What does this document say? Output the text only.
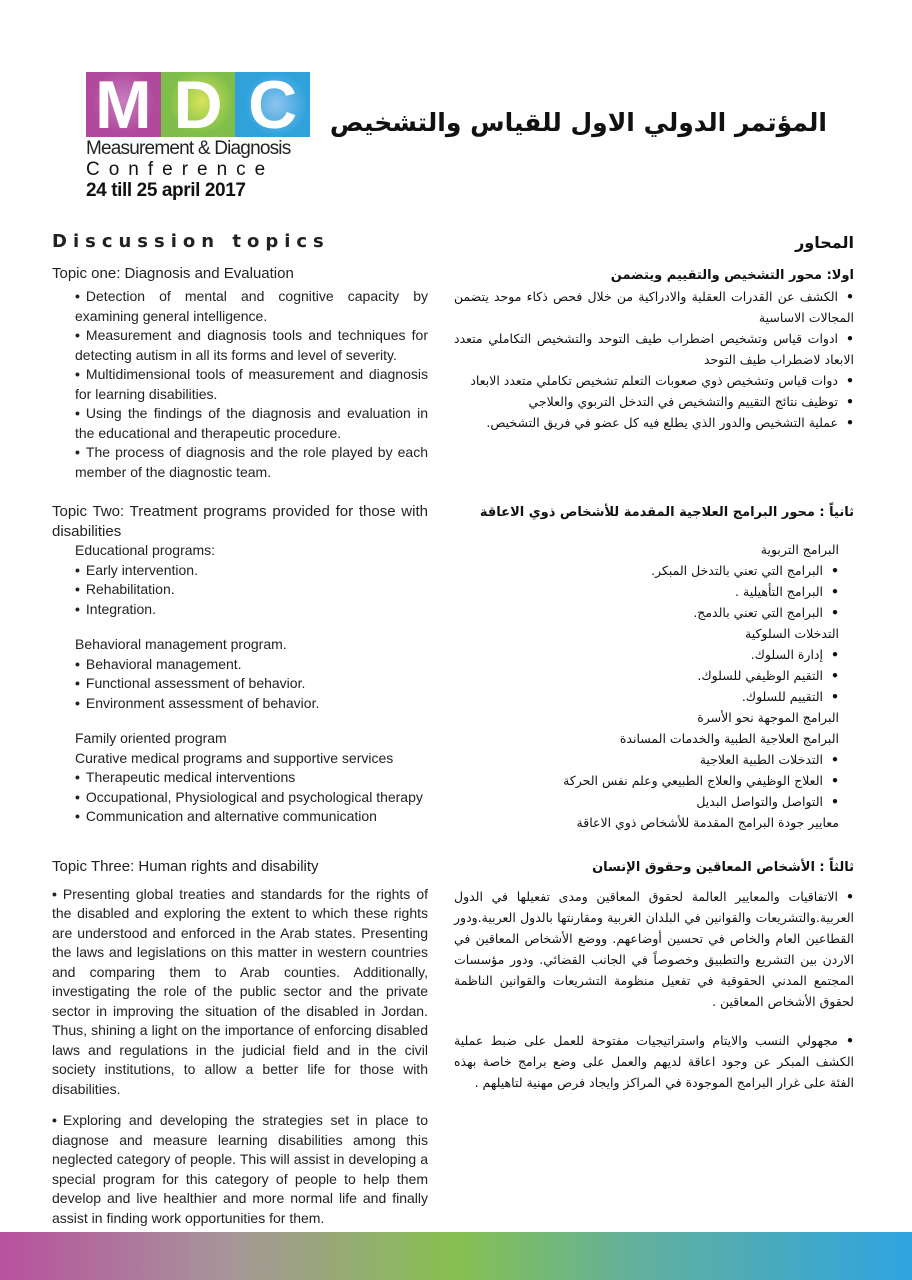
M D C
Measurement & Diagnosis
Conference
24 till 25 april 2017
المؤتمر الدولي الاول للقياس والتشخيص
Discussion topics
Topic one: Diagnosis and Evaluation
• Detection of mental and cognitive capacity by examining general intelligence.
• Measurement and diagnosis tools and techniques for detecting autism in all its forms and level of severity.
• Multidimensional tools of measurement and diagnosis for learning disabilities.
• Using the findings of the diagnosis and evaluation in the educational and therapeutic procedure.
• The process of diagnosis and the role played by each member of the diagnostic team.
Topic Two: Treatment programs provided for those with disabilities
Educational programs:
• Early intervention.
• Rehabilitation.
• Integration.
Behavioral management program.
• Behavioral management.
• Functional assessment of behavior.
• Environment assessment of behavior.
Family oriented program
Curative medical programs and supportive services
• Therapeutic medical interventions
• Occupational, Physiological and psychological therapy
• Communication and alternative communication
Topic Three: Human rights and disability
• Presenting global treaties and standards for the rights of the disabled and exploring the extent to which these rights are understood and enforced in the Arab states. Presenting the laws and legislations on this matter in western countries and comparing them to Arab counties. Additionally, investigating the role of the public sector and the private sector in improving the situation of the disabled in Jordan. Thus, shining a light on the importance of enforcing disabled laws and regulations in the judicial field and in the civil society institutions, to allow a better life for those with disabilities.
• Exploring and developing the strategies set in place to diagnose and measure learning disabilities among this neglected category of people. This will assist in developing a special program for this category of people to help them develop and live healthier and more normal life and finally assist in finding work opportunities for them.
المحاور
اولا: محور التشخيص والتقييم ويتضمن
• الكشف عن القدرات العقلية والادراكية من خلال فحص ذكاء موحد يتضمن المجالات الاساسية
• ادوات قياس وتشخيص اضطراب طيف التوحد والتشخيص التكاملي متعدد الابعاد لاضطراب طيف التوحد
• دوات قياس وتشخيص ذوي صعوبات التعلم تشخيص تكاملي متعدد الابعاد
• توظيف نتائج التقييم والتشخيص في التدخل التربوي والعلاجي
• عملية التشخيص والدور الذي يطلع فيه كل عضو في فريق التشخيص.
ثانياً : محور البرامج العلاجية المقدمة للأشخاص ذوي الاعاقة
البرامج التربوية
• البرامج التي تعني بالتدخل المبكر.
• البرامج التأهيلية .
• البرامج التي تعني بالدمج.
التدخلات السلوكية
• إدارة السلوك.
• التقيم الوظيفي للسلوك.
• التقييم للسلوك.
البرامج الموجهة نحو الأسرة
البرامج العلاجية الطبية والخدمات المساندة
• التدخلات الطبية العلاجية
• العلاج الوظيفي والعلاج الطبيعي وعلم نفس الحركة
• التواصل والتواصل البديل
معايير جودة البرامج المقدمة للأشخاص ذوي الاعاقة
ثالثاً : الأشخاص المعاقين وحقوق الإنسان
• الاتفاقيات والمعايير العالمة لحقوق المعاقين ومدى تفعيلها في الدول العربية.والتشريعات والقوانين في البلدان الغربية ومقارنتها بالدول العربية.ودور القطاعين العام والخاص في تحسين أوضاعهم. ووضع الأشخاص المعاقين في الاردن بين التشريع والتطبيق وخصوصاً في الجانب القضائي. ودور مؤسسات المجتمع المدني الحقوقية في تفعيل منظومة التشريعات والقوانين الناظمة لحقوق الأشخاص المعاقين .
• مجهولي النسب والايتام واستراتيجيات مفتوحة للعمل على ضبط عملية الكشف المبكر عن وجود اعاقة لديهم والعمل على وضع برامج خاصة بهذه الفئة على غرار البرامج الموجودة في المراكز وايجاد فرص مهنية لتاهيلهم .
